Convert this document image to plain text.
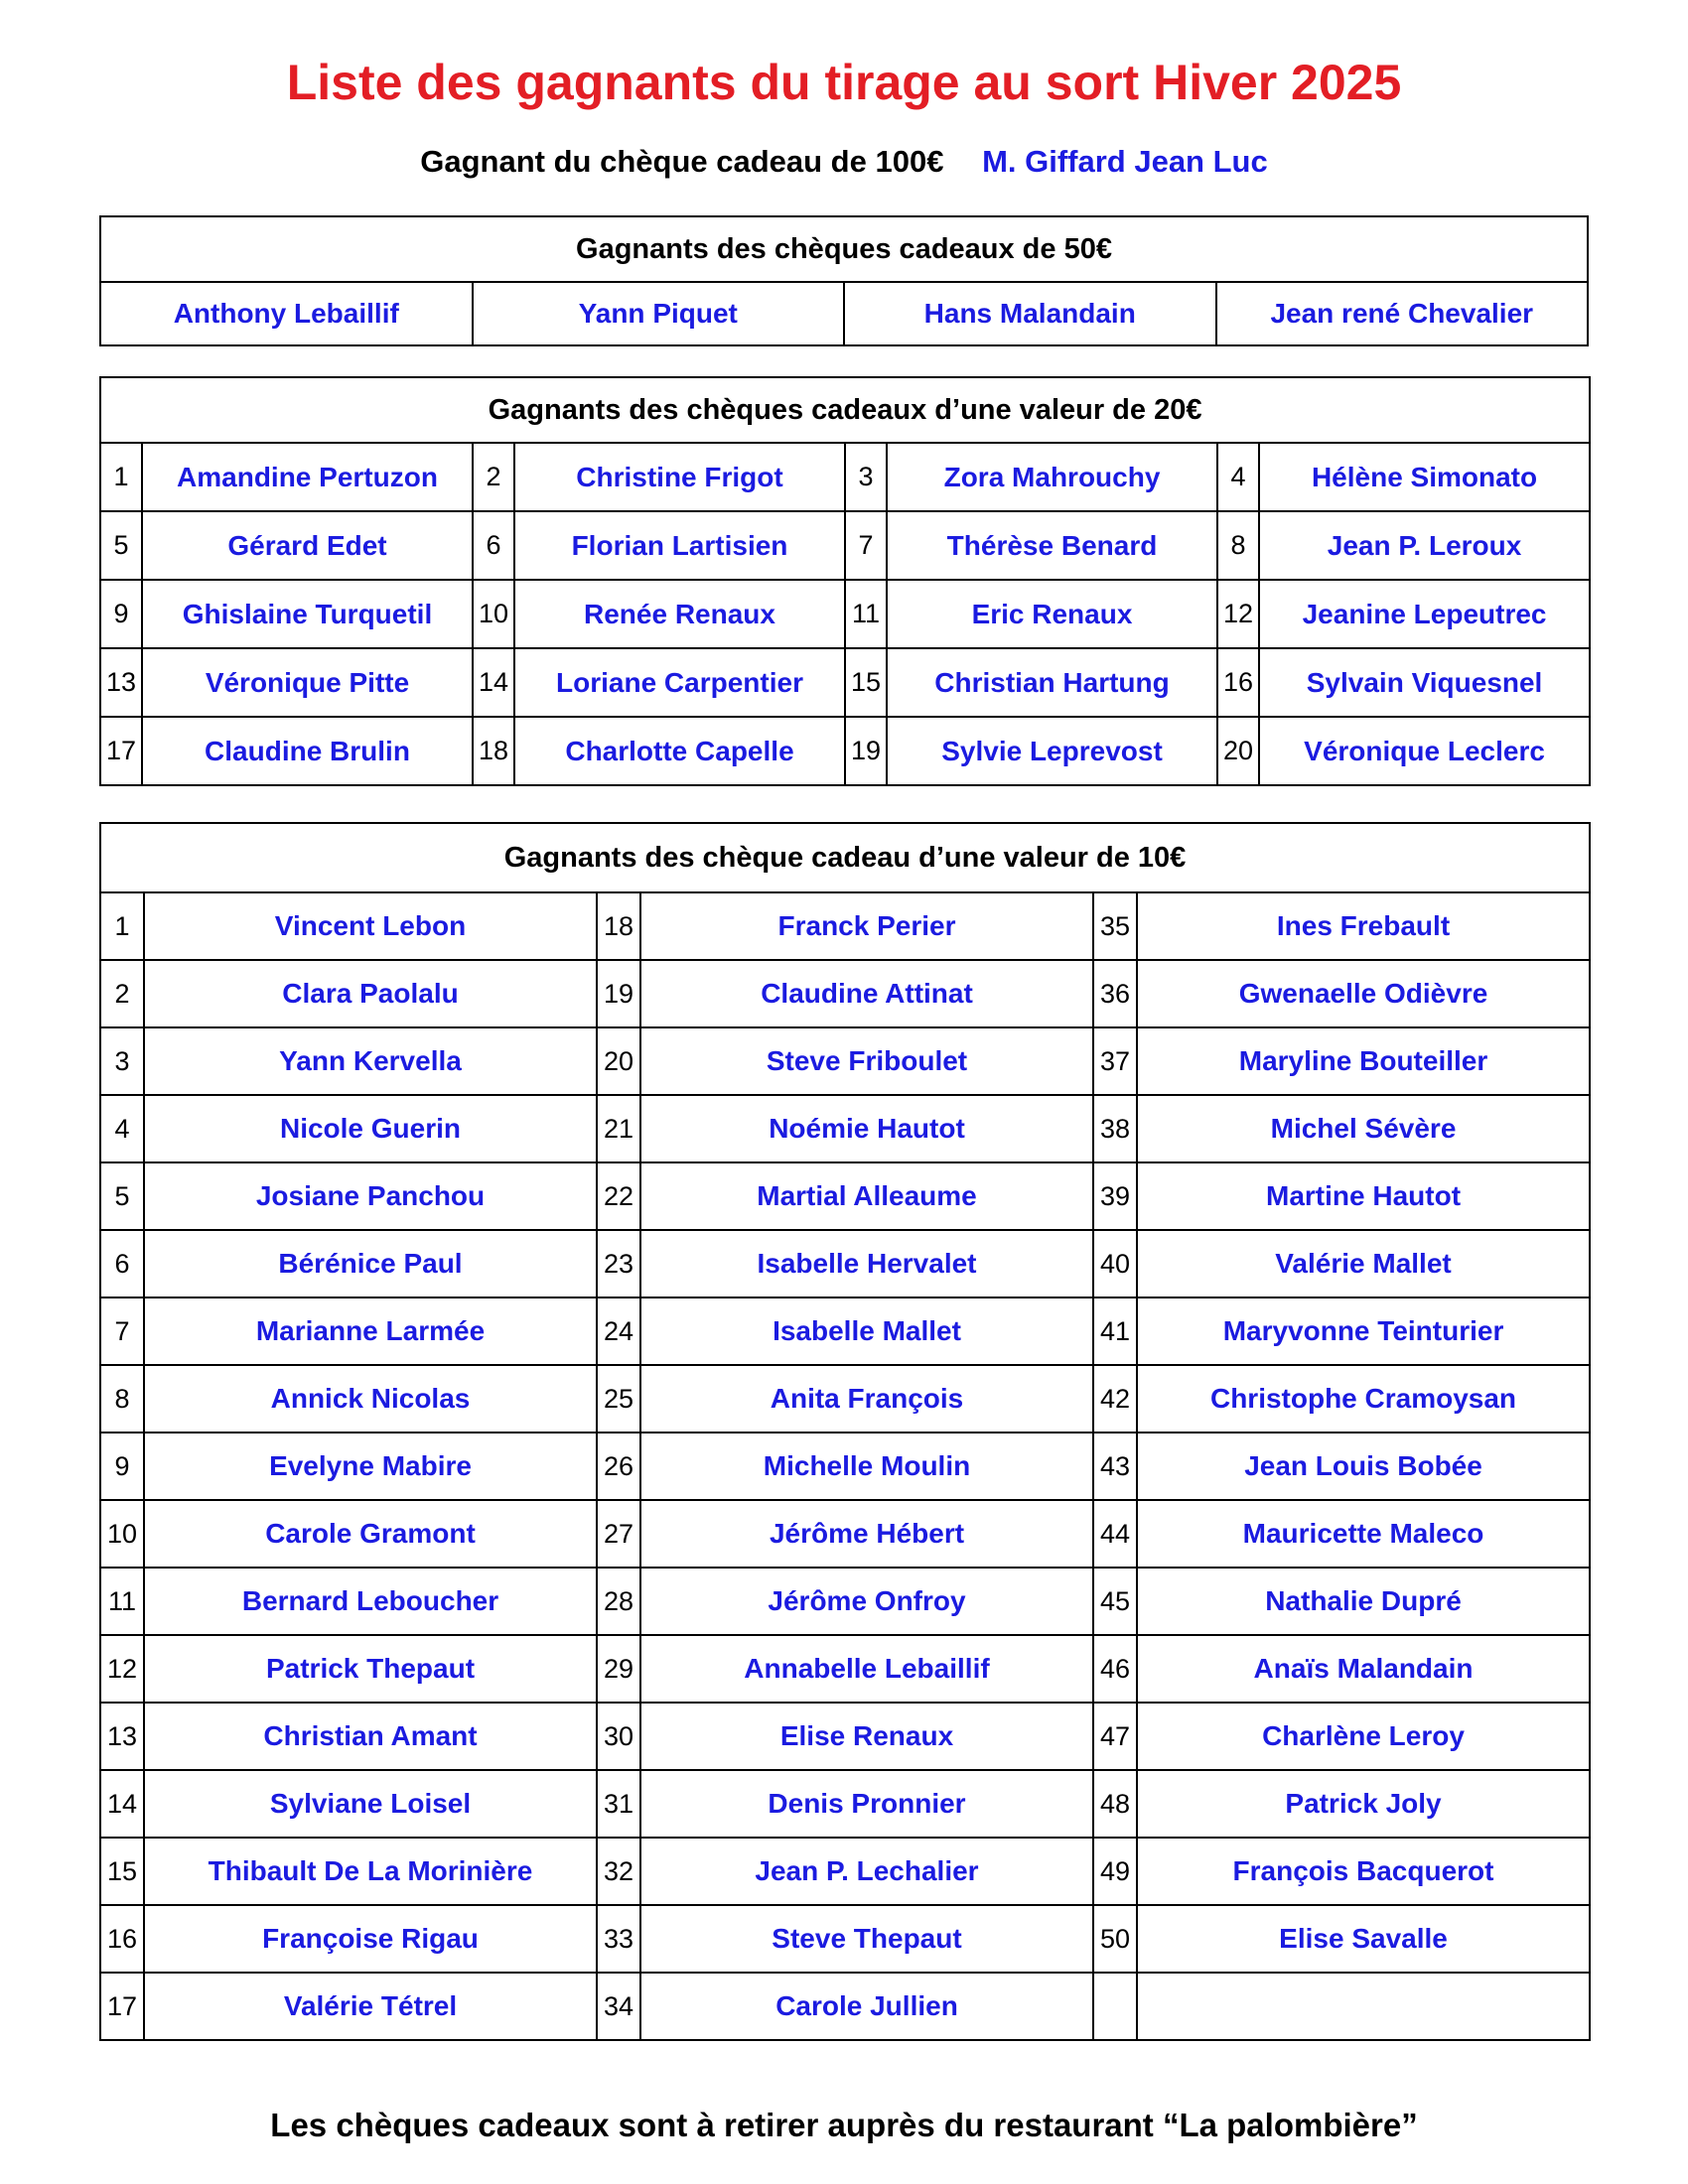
Liste des gagnants du tirage au sort Hiver 2025
Gagnant du chèque cadeau de 100€ M. Giffard Jean Luc
Gagnants des chèques cadeaux de 50€
Anthony Lebaillif	Yann Piquet	Hans Malandain	Jean rené Chevalier
Gagnants des chèques cadeaux d’une valeur de 20€							
1	Amandine Pertuzon	2	Christine Frigot	3	Zora Mahrouchy	4	Hélène Simonato
5	Gérard Edet	6	Florian Lartisien	7	Thérèse Benard	8	Jean P. Leroux
9	Ghislaine Turquetil	10	Renée Renaux	11	Eric Renaux	12	Jeanine Lepeutrec
13	Véronique Pitte	14	Loriane Carpentier	15	Christian Hartung	16	Sylvain Viquesnel
17	Claudine Brulin	18	Charlotte Capelle	19	Sylvie Leprevost	20	Véronique Leclerc
Gagnants des chèque cadeau d’une valeur de 10€					
1	Vincent Lebon	18	Franck Perier	35	Ines Frebault
2	Clara Paolalu	19	Claudine Attinat	36	Gwenaelle Odièvre
3	Yann Kervella	20	Steve Friboulet	37	Maryline Bouteiller
4	Nicole Guerin	21	Noémie Hautot	38	Michel Sévère
5	Josiane Panchou	22	Martial Alleaume	39	Martine Hautot
6	Bérénice Paul	23	Isabelle Hervalet	40	Valérie Mallet
7	Marianne Larmée	24	Isabelle Mallet	41	Maryvonne Teinturier
8	Annick Nicolas	25	Anita François	42	Christophe Cramoysan
9	Evelyne Mabire	26	Michelle Moulin	43	Jean Louis Bobée
10	Carole Gramont	27	Jérôme Hébert	44	Mauricette Maleco
11	Bernard Leboucher	28	Jérôme Onfroy	45	Nathalie Dupré
12	Patrick Thepaut	29	Annabelle Lebaillif	46	Anaïs Malandain
13	Christian Amant	30	Elise Renaux	47	Charlène Leroy
14	Sylviane Loisel	31	Denis Pronnier	48	Patrick Joly
15	Thibault De La Morinière	32	Jean P. Lechalier	49	François Bacquerot
16	Françoise Rigau	33	Steve Thepaut	50	Elise Savalle
17	Valérie Tétrel	34	Carole Jullien		
Les chèques cadeaux sont à retirer auprès du restaurant “La palombière”
